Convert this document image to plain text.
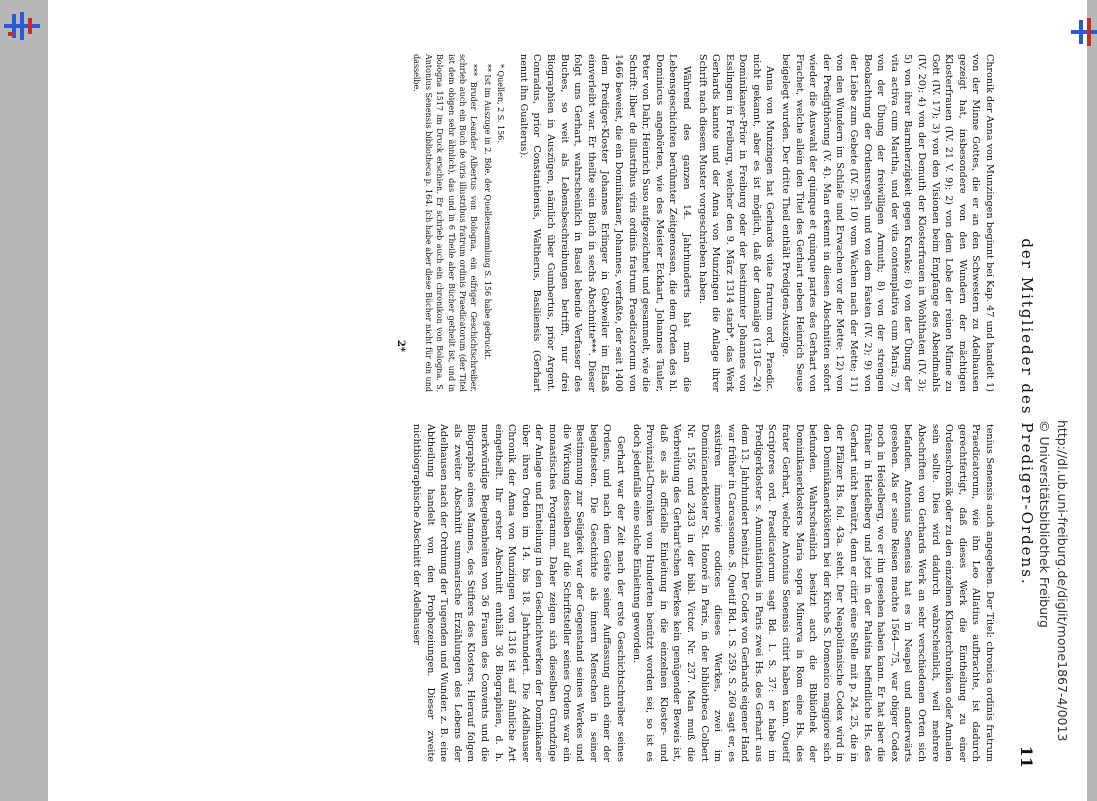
der Mitglieder des Prediger-Ordens.
11

Chronik der Anna von Munzingen beginnt bei Kap. 47 und handelt 1) von der Minne Gottes, die er an den Schwestern zu Adelhausen gezeigt hat, insbesondere von den Wundern der mächtigen Klosterfrauen (IV. 21 V. 9); 2) von dem Lobe der reinen Minne zu Gott (IV. 17); 3) von den Visionen beim Empfange des Abendmahls (IV. 20); 4) von der Demuth der Klosterfrauen in Wohlthaten (IV. 3); 5) von ihrer Barmherzigkeit gegen Kranke; 6) von der Übung der vita activa cum Martha, und der vita contemplativa cum Maria; 7) von der Übung der freiwilligen Armuth; 8) von der strengen Beobachtung der Ordensregeln und von dem Fasten (IV. 2); 9) von der Liebe zum Gebete (IV. 5); 10) vom Wachen nach der Mette; 11) von den Wundern im Schlafe und Erwachen vor der Mette; 12) von der Predigthörung (V. 4). Man erkennt in diesen Abschnitten sofort wieder die Auswahl der quinque et quinque partes des Gerhart von Frachet, welche allein den Titel des Gerhart neben Heinrich Seuse beigelegt wurden. Der dritte Theil enthält Predigten-Auszüge.

Anna von Munzingen hat Gerhards vitae fratrum ord. Praedic. nicht gekannt, aber es ist möglich, daß der damalige (1316—24) Dominikaner-Prior in Freiburg oder der bestimmter Johannes von Esslingen in Freiburg, welcher den 9. März 1314 starb*, das Werk Gerhards kannte und der Anna von Munzingen die Anlage ihrer Schrift nach diesem Muster vorgeschrieben haben.

Während des ganzen 14. Jahrhunderts hat man die Lebensgeschichten berühmter Zeitgenossen, die dem Orden des hl. Dominicus angehörten, wie des Meister Eckhart, Johannes Tauler, Peter von Dahr, Heinrich Suso aufgezeichnet und gesammelt, wie die Schrift: liber de illustribus viris ordinis fratrum Praedicatorum von 1466 beweist, die ein Dominikaner, Johannes, verfaßte, der seit 1400 dem Prediger-Kloster Johannes Erlinger in Gebweiler im Elsaß einverleibt war. Er theilte sein Buch in sechs Abschnitte***. Dieser folgt uns Gerhart, wahrscheinlich in Basel lebende Verfasser des Buches, so weit als Lebensbeschreibungen betrifft, nur drei Biographien in Auszügen, nämlich über Gumbertus, prior Argent. Conradus, prior Constantiensis, Waltherus, Basiliensis (Gerhart nennt ihn Gualterus).

* Quellen, 2 S. 156.

** Ist im Auszuge in 2. Bde. der Quellensammlung S. 156 habe gedruckt.

*** Bruder Leander Albertus von Bologna, ein eifriger Geschichtschreiber, schrieb auch ein Buch de viris illustribus fratrum ordinis Praedicatorum (der Titel ist dem obigen sehr ähnlich), das und in 6 Theile aber Bücher getheilt ist, und in Bologna 1517 im Druck erschien. Er schrieb auch ein chronikon von Bologna. S. Antonius Senensis bibliotheca p. 164. Ich habe aber diese Bücher nicht für ein und dasselbe.

2*

tenius Senensis auch angegeben. Der Titel: chronica ordinis fratrum Praedicatorum, wie ihn Leo Allatius aufbrachte, ist dadurch gerechtfertigt, daß dieses Werk die Eintheilung zu einer Ordenschronik oder zu den einzelnen Klosterchroniken oder Annalen sein sollte. Dies wird dadurch wahrscheinlich, weil mehrere Abschriften von Gerhards Werk an sehr verschiedenen Orten sich befanden. Antonius Senensis hat es in Neapel und anderwärts gesehen. Als er seine Reisen machte 1564—75, war obiger Codex noch in Heidelberg, wo er ihn gesehen haben kann. Er hat aber die früher in Heidelberg und jetzt in der Palatina befindliche Hs. des Gerhart nicht benützt, denn er citirt eine Stelle mit p. 24. 25, die in der Pfälzer Hs. fol. 43a. steht. Der Neapolitanische Codex wird in den Dominikanerklöstern bei der Kirche S. Domenico maggiore sich befunden. Wahrscheinlich besitzt auch die Bibliothek der Dominikanerklosters Maria sopra Minerva in Rom eine Hs. des frater Gerhart, welche Antonius Senensis citirt haben kann. Quetif Scriptores ord. Praedicatorum sagt Bd. 1. S. 37: er habe im Predigerkloster s. Annuntiationis in Paris zwei Hs. des Gerhart aus dem 13. Jahrhundert benützt. Der Codex von Gerhards eigener Hand war früher in Carcassonne. S. Quetif Bd. 1. S. 259. S. 260 sagt er, es existiren immerwie codices dieses Werkes, zwei im Dominicanerkloster St. Honoré in Paris, in der bibliotheca Colbert Nr. 1556 und 2433 in der bibl. Victor. Nr. 237. Man muß die Verbreitung des Gerhart'schen Werkes kein genügender Beweis ist, daß es als officielle Einleitung in die einzelnen Kloster- und Provinzial-Chroniken von Hunderten benützt worden sei, so ist es doch jedenfalls eine solche Einleitung geworden.

Gerhart war der Zeit nach der erste Geschichtschreiber seines Ordens, und nach dem Geiste seiner Auffassung auch einer der begabtesten. Die Geschichte als innern Menschen in seiner Bestimmung zur Seligkeit war der Gegenstand seines Werkes und die Wirkung desselben auf die Schriftsteller seines Ordens war ein monastisches Programm. Daher zeigen sich dieselben Grundzüge der Anlage und Einteilung in den Geschichtwerken der Dominikaner über ihren Orden im 14. bis 18. Jahrhundert. Die Adelhauser Chronik der Anna von Munzingen von 1316 ist auf ähnliche Art eingetheilt. Ihr erster Abschnitt enthält 36 Biographien, d. h. merkwürdige Begebenheiten von 36 Frauen des Convents und die Biographie eines Mannes, des Stifters des Klosters. Hierauf folgen als zweiter Abschnitt summarische Erzählungen des Lebens der Adelhausen nach der Ordnung der Tugenden und Wunder. z. B. eine Abtheilung handelt von den Prophezeiungen. Dieser zweite nichtbiographische Abschnitt der Adelhauser	http://dl.ub.uni-freiburg.de/diglit/mone1867-4/0013
© Universitätsbibliothek Freiburg
